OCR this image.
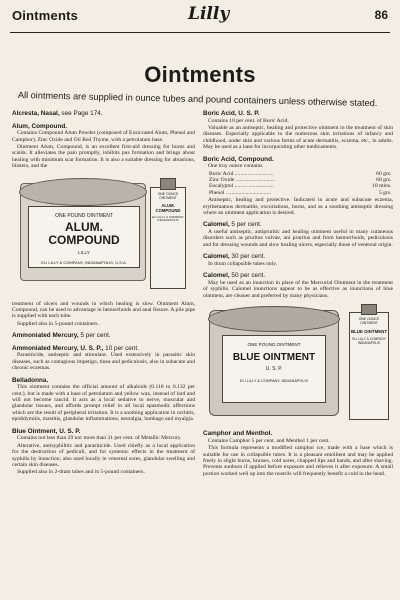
Ointments	Lilly	86
Ointments
All ointments are supplied in ounce tubes and pound containers unless otherwise stated.
Alcresta, Nasal, see Page 174.
Alum, Compound.

Contains Compound Alum Powder (composed of Exsiccated Alum, Phenol and Camphor), Zinc Oxide and Oil Red Thyme, with a petrolatum base.

Ointment Alum, Compound, is an excellent first-aid dressing for burns and scalds. It alleviates the pain promptly, inhibits pus formation and brings about healing with minimum scar formation. It is also a suitable dressing for abrasions, blisters, and the

ONE POUND OINTMENT
ALUM. COMPOUND
LILLY
ELI LILLY & COMPANY, INDIANAPOLIS, U.S.A.
ONE OUNCE OINTMENT
ALUM. COMPOUND
ELI LILLY & COMPANY INDIANAPOLIS

treatment of ulcers and wounds in which healing is slow. Ointment Alum, Compound, can be used to advantage in hemorrhoids and anal fissure. A pile pipe is supplied with each tube.

Supplied also in 5-pound containers.

Ammoniated Mercury, 5 per cent.
Ammoniated Mercury, U. S. P., 10 per cent.

Parasiticide, antiseptic and stimulant. Used extensively in parasitic skin diseases, such as contagious impetigo, tinea and pediculosis, also in subacute and chronic eczemas.

Belladonna.

This ointment contains the official amount of alkaloids (0.118 to 0.132 per cent.), but is made with a base of petrolatum and yellow wax, instead of lard and will not become rancid. It acts as a local sedative to nerve, muscular and glandular tissues, and affords prompt relief in all local spasmodic affections which are the result of peripheral irritation. It is a soothing application in orchitis, epididymitis, mastitis, glandular inflammations, neuralgia, lumbago and myalgia.

Blue Ointment, U. S. P.

Contains not less than 29 nor more than 31 per cent. of Metallic Mercury.

Alterative, antisyphilitic and parasiticide. Used chiefly as a local application for the destruction of pediculi, and for systemic effects in the treatment of syphilis by inunction; also used locally in venereal sores, glandular swelling and certain skin diseases.

Supplied also in 2-dram tubes and in 5-pound containers.

Boric Acid, U. S. P.

Contains 10 per cent. of Boric Acid.

Valuable as an antiseptic, healing and protective ointment in the treatment of skin diseases. Especially applicable to the numerous skin irritations of infancy and childhood, under skin and various forms of acute dermatitis, eczema, etc., in adults. May be used as a base for incorporating other medicaments.

Boric Acid, Compound.

One troy ounce contains

Boric Acid ............................	60 grs.
Zinc Oxide ............................	60 grs.
Eucalyptol ............................	10 mins.
Phenol ................................	5 grs.

Antiseptic, healing and protective. Indicated in acute and subacute eczema, erythematous dermatitis, excoriations, burns, and as a soothing antiseptic dressing where an ointment application is desired.

Calomel, 5 per cent.

A useful antiseptic, antipruritic and healing ointment useful in many cutaneous disorders such as pruritus vulvae, ani pruritus and from hemorrhoids, pediculosis and for dressing wounds and slow healing ulcers, especially those of venereal origin.

Calomel, 30 per cent.

In drum collapsible tubes only.

Calomel, 50 per cent.

May be used as an inunction in place of the Mercurial Ointment in the treatment of syphilis. Calomel inunctions appear to be as effective as inunctions of blue ointment, are cleaner and preferred by many physicians.

ONE POUND OINTMENT
BLUE OINTMENT
U. S. P.
ELI LILLY & COMPANY, INDIANAPOLIS
ONE OUNCE OINTMENT
BLUE OINTMENT
ELI LILLY & COMPANY INDIANAPOLIS
Camphor and Menthol.

Contains Camphor 5 per cent. and Menthol 1 per cent.

This formula represents a modified camphor ice, made with a base which is suitable for use in collapsible tubes. It is a pleasant emollient and may be applied freely in slight burns, bruises, cold sores, chapped lips and hands, and after shaving. Prevents sunburn if applied before exposure and relieves it after exposure. A small portion worked well up into the nostrils will frequently benefit a cold in the head.
